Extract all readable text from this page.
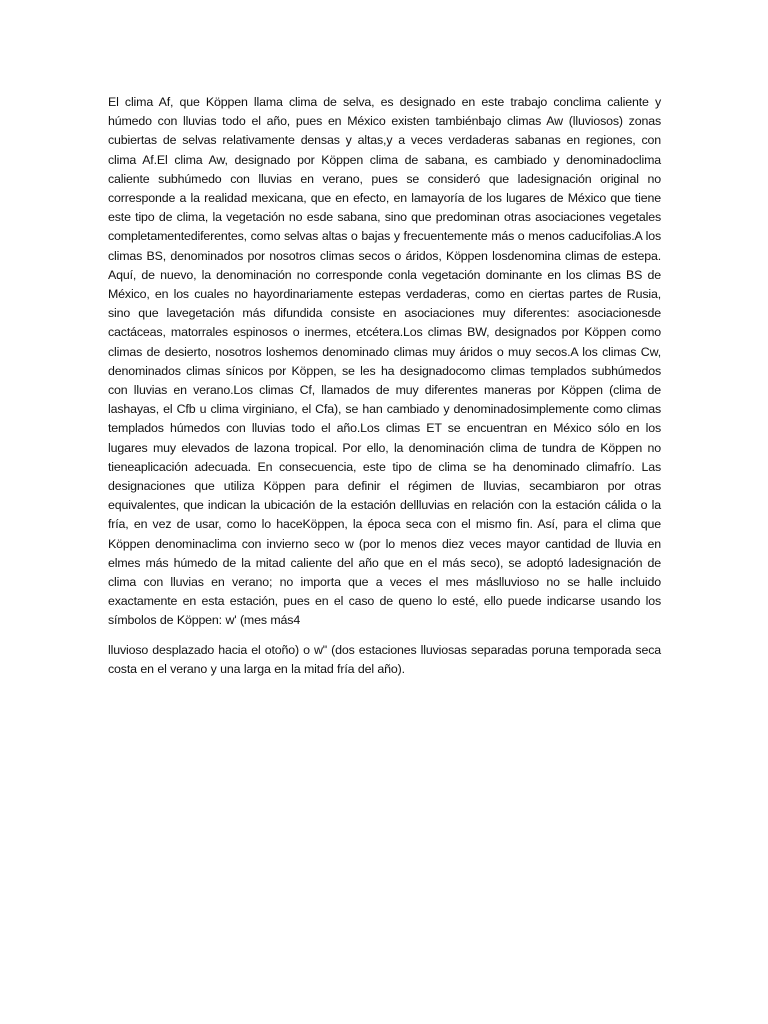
El clima Af, que Köppen llama clima de selva, es designado en este trabajo conclima caliente y húmedo con lluvias todo el año, pues en México existen tambiénbajo climas Aw (lluviosos) zonas cubiertas de selvas relativamente densas y altas,y a veces verdaderas sabanas en regiones, con clima Af.El clima Aw, designado por Köppen clima de sabana, es cambiado y denominadoclima caliente subhúmedo con lluvias en verano, pues se consideró que ladesignación original no corresponde a la realidad mexicana, que en efecto, en lamayoría de los lugares de México que tiene este tipo de clima, la vegetación no esde sabana, sino que predominan otras asociaciones vegetales completamentediferentes, como selvas altas o bajas y frecuentemente más o menos caducifolias.A los climas BS, denominados por nosotros climas secos o áridos, Köppen losdenomina climas de estepa. Aquí, de nuevo, la denominación no corresponde conla vegetación dominante en los climas BS de México, en los cuales no hayordinariamente estepas verdaderas, como en ciertas partes de Rusia, sino que lavegetación más difundida consiste en asociaciones muy diferentes: asociacionesde cactáceas, matorrales espinosos o inermes, etcétera.Los climas BW, designados por Köppen como climas de desierto, nosotros loshemos denominado climas muy áridos o muy secos.A los climas Cw, denominados climas sínicos por Köppen, se les ha designadocomo climas templados subhúmedos con lluvias en verano.Los climas Cf, llamados de muy diferentes maneras por Köppen (clima de lashayas, el Cfb u clima virginiano, el Cfa), se han cambiado y denominadosimplemente como climas templados húmedos con lluvias todo el año.Los climas ET se encuentran en México sólo en los lugares muy elevados de lazona tropical. Por ello, la denominación clima de tundra de Köppen no tieneaplicación adecuada. En consecuencia, este tipo de clima se ha denominado climafrío. Las designaciones que utiliza Köppen para definir el régimen de lluvias, secambiaron por otras equivalentes, que indican la ubicación de la estación dellluvias en relación con la estación cálida o la fría, en vez de usar, como lo haceKöppen, la época seca con el mismo fin. Así, para el clima que Köppen denominaclima con invierno seco w (por lo menos diez veces mayor cantidad de lluvia en elmes más húmedo de la mitad caliente del año que en el más seco), se adoptó ladesignación de clima con lluvias en verano; no importa que a veces el mes máslluvioso no se halle incluido exactamente en esta estación, pues en el caso de queno lo esté, ello puede indicarse usando los símbolos de Köppen: w' (mes más4

lluvioso desplazado hacia el otoño) o w" (dos estaciones lluviosas separadas poruna temporada seca costa en el verano y una larga en la mitad fría del año).
